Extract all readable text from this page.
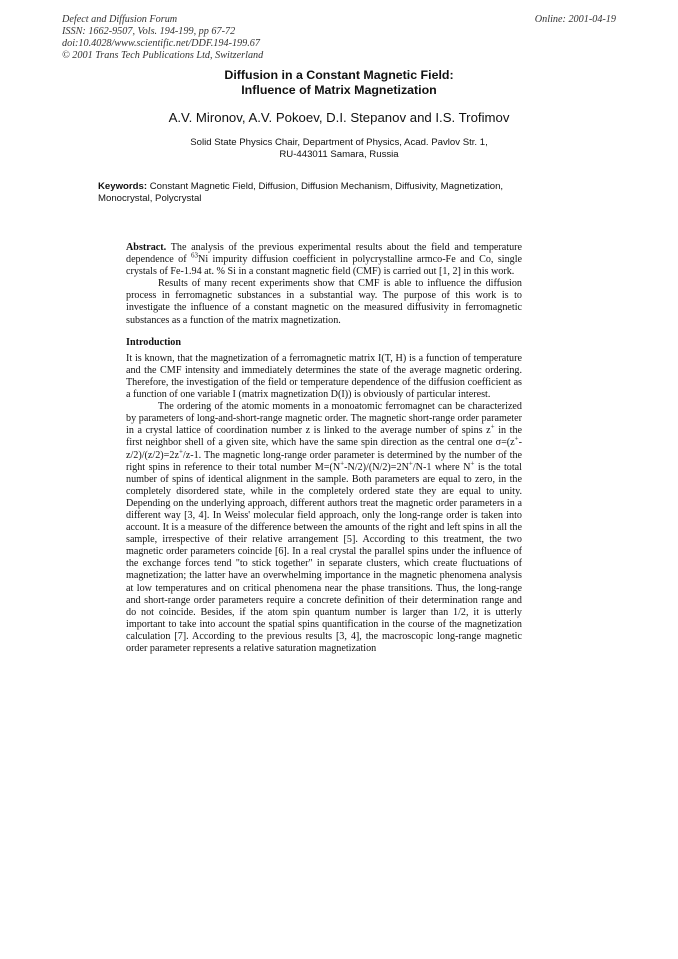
Defect and Diffusion Forum
ISSN: 1662-9507, Vols. 194-199, pp 67-72
doi:10.4028/www.scientific.net/DDF.194-199.67
© 2001 Trans Tech Publications Ltd, Switzerland
Online: 2001-04-19
Diffusion in a Constant Magnetic Field:
Influence of Matrix Magnetization
A.V. Mironov, A.V. Pokoev, D.I. Stepanov and I.S. Trofimov
Solid State Physics Chair, Department of Physics, Acad. Pavlov Str. 1,
RU-443011 Samara, Russia
Keywords: Constant Magnetic Field, Diffusion, Diffusion Mechanism, Diffusivity, Magnetization, Monocrystal, Polycrystal

Abstract. The analysis of the previous experimental results about the field and temperature dependence of $^{63}$Ni impurity diffusion coefficient in polycrystalline armco-Fe and Co, single crystals of Fe-1.94 at. % Si in a constant magnetic field (CMF) is carried out [1, 2] in this work.

Results of many recent experiments show that CMF is able to influence the diffusion process in ferromagnetic substances in a substantial way. The purpose of this work is to investigate the influence of a constant magnetic on the measured diffusivity in ferromagnetic substances as a function of the matrix magnetization.

Introduction

It is known, that the magnetization of a ferromagnetic matrix I(T, H) is a function of temperature and the CMF intensity and immediately determines the state of the average magnetic ordering. Therefore, the investigation of the field or temperature dependence of the diffusion coefficient as a function of one variable I (matrix magnetization D(I)) is obviously of particular interest.

The ordering of the atomic moments in a monoatomic ferromagnet can be characterized by parameters of long-and-short-range magnetic order. The magnetic short-range order parameter in a crystal lattice of coordination number z is linked to the average number of spins z+ in the first neighbor shell of a given site, which have the same spin direction as the central one σ=(z+-z/2)/(z/2)=2z+/z-1. The magnetic long-range order parameter is determined by the number of the right spins in reference to their total number M=(N+-N/2)/(N/2)=2N+/N-1 where N+ is the total number of spins of identical alignment in the sample. Both parameters are equal to zero, in the completely disordered state, while in the completely ordered state they are equal to unity. Depending on the underlying approach, different authors treat the magnetic order parameters in a different way [3, 4]. In Weiss' molecular field approach, only the long-range order is taken into account. It is a measure of the difference between the amounts of the right and left spins in all the sample, irrespective of their relative arrangement [5]. According to this treatment, the two magnetic order parameters coincide [6]. In a real crystal the parallel spins under the influence of the exchange forces tend "to stick together" in separate clusters, which create fluctuations of magnetization; the latter have an overwhelming importance in the magnetic phenomena analysis at low temperatures and on critical phenomena near the phase transitions. Thus, the long-range and short-range order parameters require a concrete definition of their determination range and do not coincide. Besides, if the atom spin quantum number is larger than 1/2, it is utterly important to take into account the spatial spins quantification in the course of the magnetization calculation [7]. According to the previous results [3, 4], the macroscopic long-range magnetic order parameter represents a relative saturation magnetization
